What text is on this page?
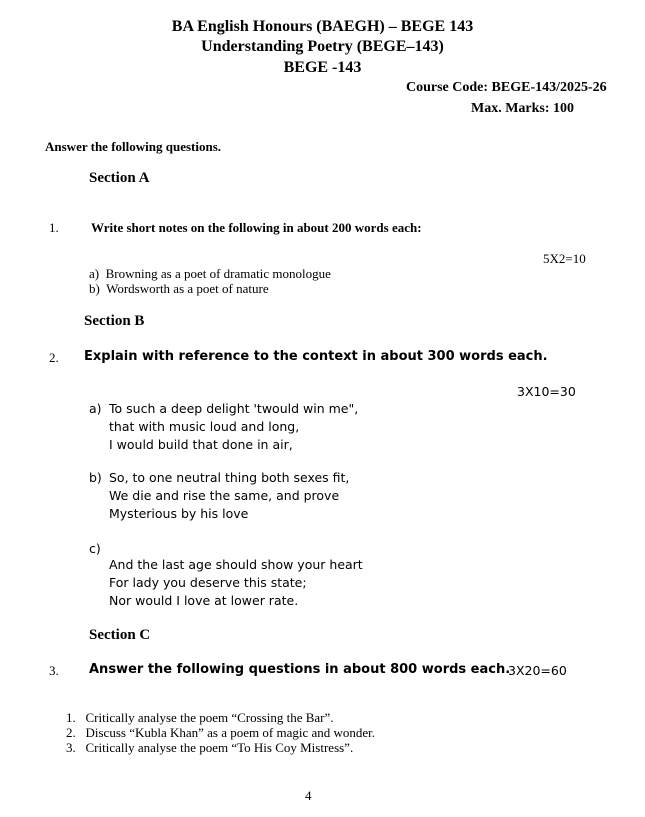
BA English Honours (BAEGH) – BEGE 143
Understanding Poetry (BEGE–143)
BEGE -143
Course Code: BEGE-143/2025-26
Max. Marks: 100
Answer the following questions.
Section A
1. Write short notes on the following in about 200 words each:
5X2=10
a) Browning as a poet of dramatic monologue
b) Wordsworth as a poet of nature
Section B
2. Explain with reference to the context in about 300 words each.
3X10=30
a) To such a deep delight 'twould win me",
that with music loud and long,
I would build that done in air,
b) So, to one neutral thing both sexes fit,
We die and rise the same, and prove
Mysterious by his love
c)
And the last age should show your heart
For lady you deserve this state;
Nor would I love at lower rate.
Section C
3. Answer the following questions in about 800 words each.
3X20=60
1. Critically analyse the poem “Crossing the Bar”.
2. Discuss “Kubla Khan” as a poem of magic and wonder.
3. Critically analyse the poem “To His Coy Mistress”.
4
